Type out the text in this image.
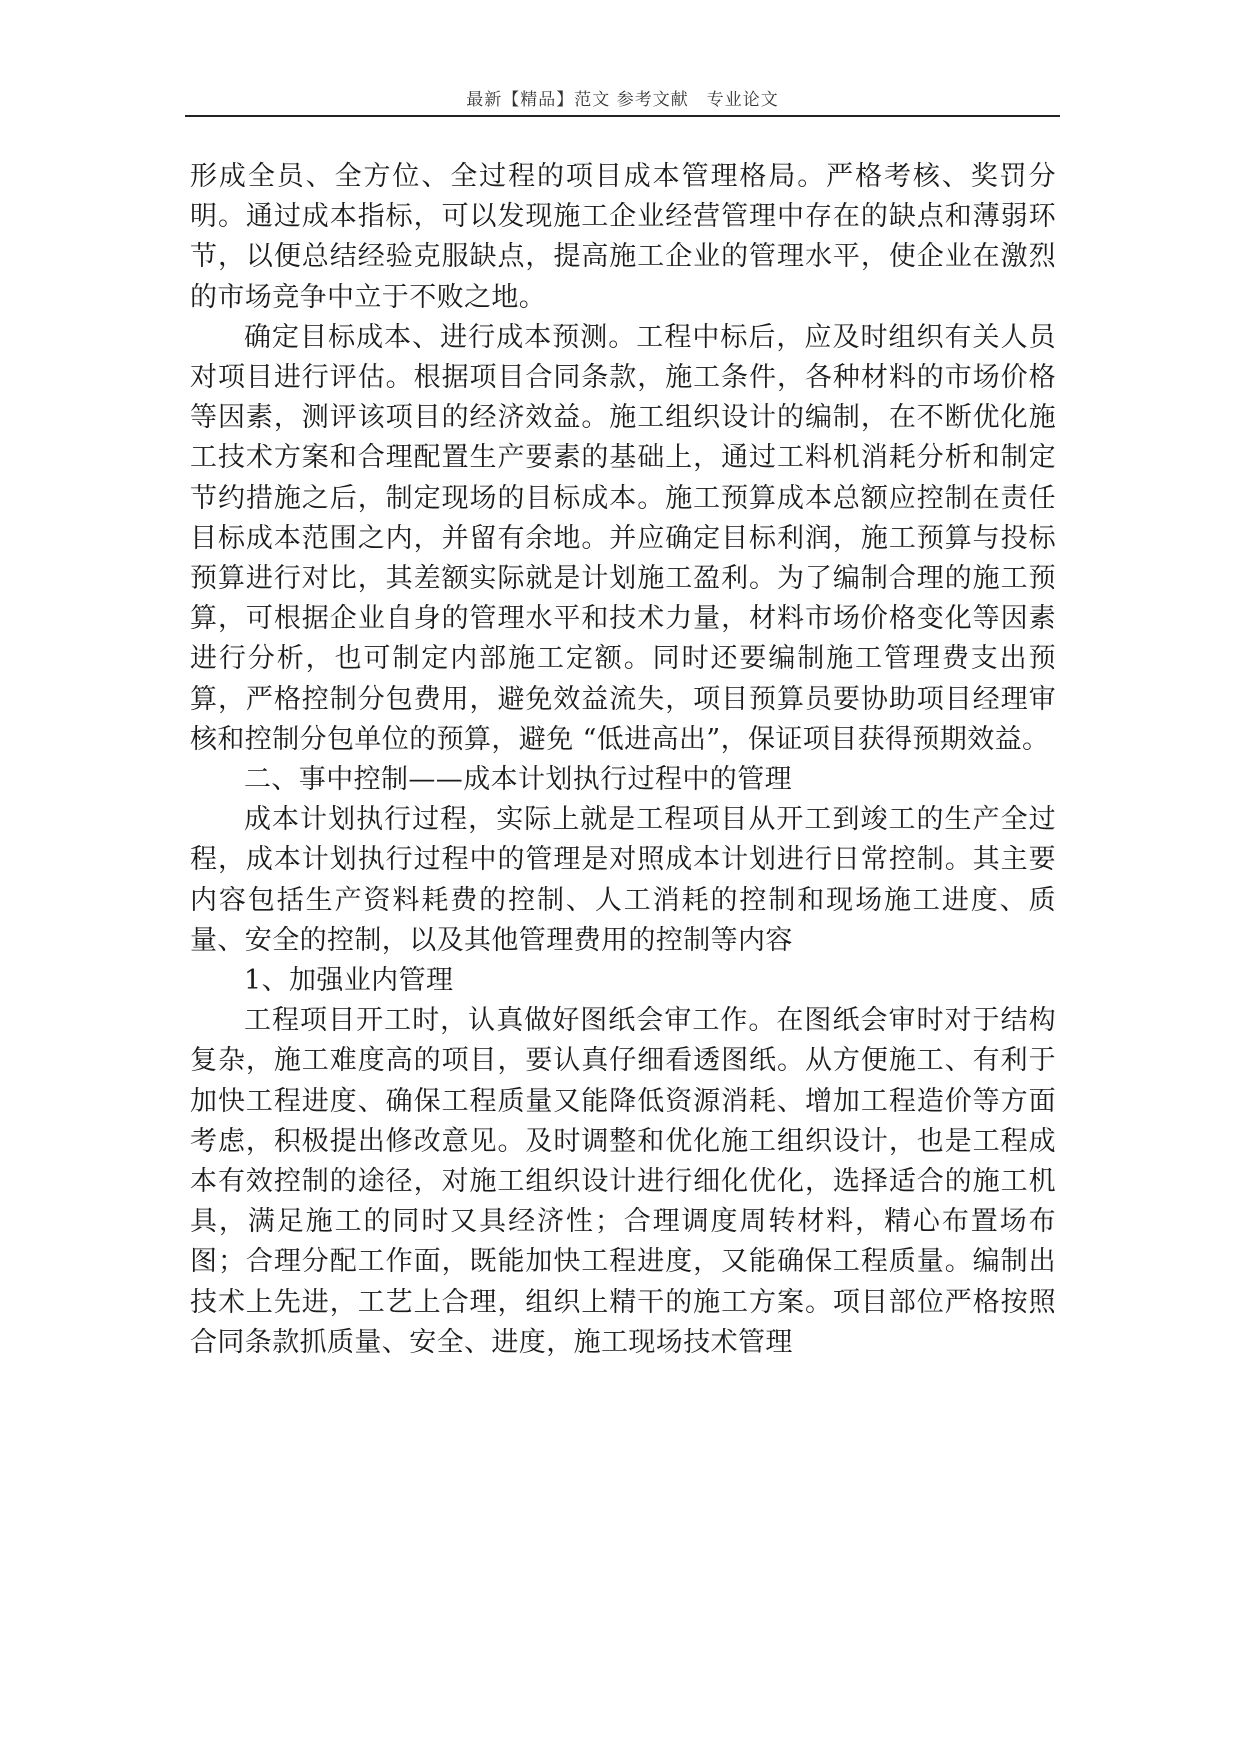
最新【精品】范文 参考文献　专业论文

形成全员、全方位、全过程的项目成本管理格局。严格考核、奖罚分明。通过成本指标，可以发现施工企业经营管理中存在的缺点和薄弱环节，以便总结经验克服缺点，提高施工企业的管理水平，使企业在激烈的市场竞争中立于不败之地。

确定目标成本、进行成本预测。工程中标后，应及时组织有关人员对项目进行评估。根据项目合同条款，施工条件，各种材料的市场价格等因素，测评该项目的经济效益。施工组织设计的编制，在不断优化施工技术方案和合理配置生产要素的基础上，通过工料机消耗分析和制定节约措施之后，制定现场的目标成本。施工预算成本总额应控制在责任目标成本范围之内，并留有余地。并应确定目标利润，施工预算与投标预算进行对比，其差额实际就是计划施工盈利。为了编制合理的施工预算，可根据企业自身的管理水平和技术力量，材料市场价格变化等因素进行分析，也可制定内部施工定额。同时还要编制施工管理费支出预算，严格控制分包费用，避免效益流失，项目预算员要协助项目经理审核和控制分包单位的预算，避免 “低进高出”，保证项目获得预期效益。

二、事中控制——成本计划执行过程中的管理

成本计划执行过程，实际上就是工程项目从开工到竣工的生产全过程，成本计划执行过程中的管理是对照成本计划进行日常控制。其主要内容包括生产资料耗费的控制、人工消耗的控制和现场施工进度、质量、安全的控制，以及其他管理费用的控制等内容

1、加强业内管理

工程项目开工时，认真做好图纸会审工作。在图纸会审时对于结构复杂，施工难度高的项目，要认真仔细看透图纸。从方便施工、有利于加快工程进度、确保工程质量又能降低资源消耗、增加工程造价等方面考虑，积极提出修改意见。及时调整和优化施工组织设计，也是工程成本有效控制的途径，对施工组织设计进行细化优化，选择适合的施工机具，满足施工的同时又具经济性；合理调度周转材料，精心布置场布图；合理分配工作面，既能加快工程进度，又能确保工程质量。编制出技术上先进，工艺上合理，组织上精干的施工方案。项目部位严格按照合同条款抓质量、安全、进度，施工现场技术管理
